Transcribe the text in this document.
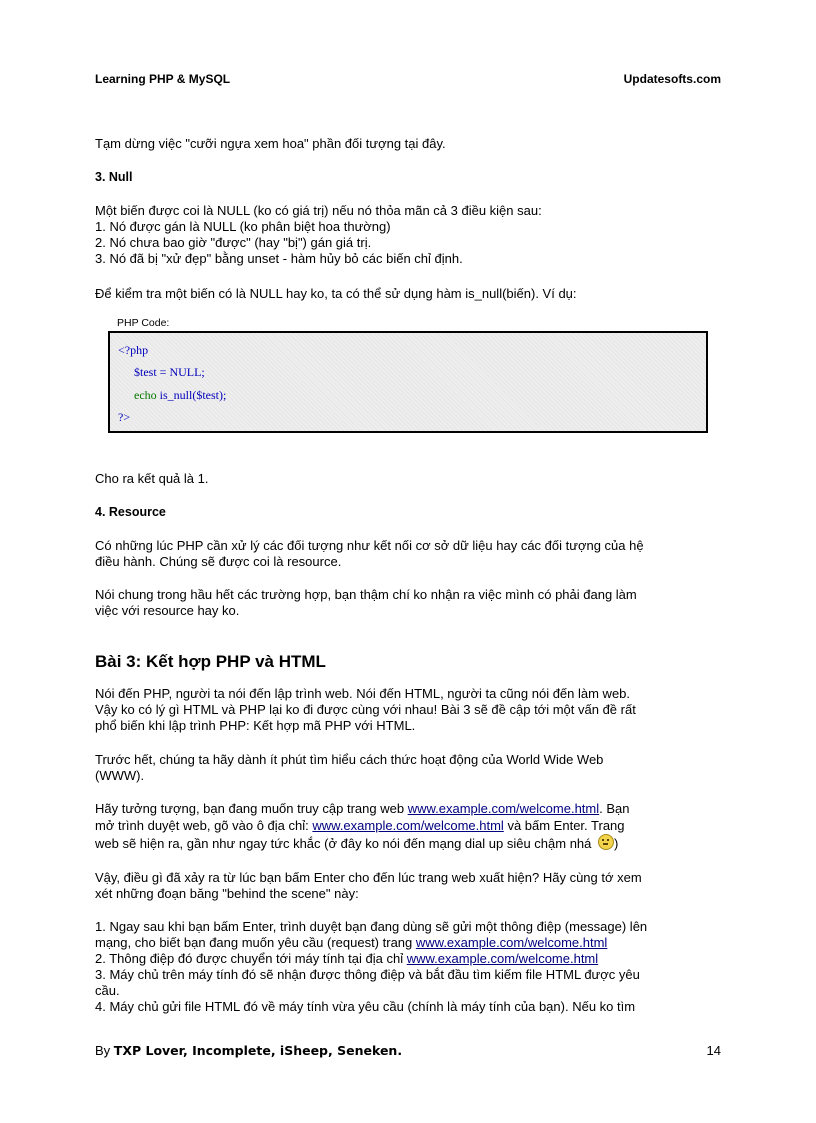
Learning PHP & MySQL	Updatesofts.com
Tạm dừng việc "cưỡi ngựa xem hoa" phần đối tượng tại đây.
3. Null
Một biến được coi là NULL (ko có giá trị) nếu nó thỏa mãn cả 3 điều kiện sau:
1. Nó được gán là NULL (ko phân biệt hoa thường)
2. Nó chưa bao giờ "được" (hay "bị") gán giá trị.
3. Nó đã bị "xử đẹp" bằng unset - hàm hủy bỏ các biến chỉ định.
Để kiểm tra một biến có là NULL hay ko, ta có thể sử dụng hàm is_null(biến). Ví dụ:
PHP Code:
<?php
$test = NULL;
echo is_null($test);
?>
Cho ra kết quả là 1.
4. Resource
Có những lúc PHP cần xử lý các đối tượng như kết nối cơ sở dữ liệu hay các đối tượng của hệ
điều hành. Chúng sẽ được coi là resource.
Nói chung trong hầu hết các trường hợp, bạn thậm chí ko nhận ra việc mình có phải đang làm
việc với resource hay ko.
Bài 3: Kết hợp PHP và HTML
Nói đến PHP, người ta nói đến lập trình web. Nói đến HTML, người ta cũng nói đến làm web.
Vậy ko có lý gì HTML và PHP lại ko đi được cùng với nhau! Bài 3 sẽ đề cập tới một vấn đề rất
phổ biến khi lập trình PHP: Kết hợp mã PHP với HTML.
Trước hết, chúng ta hãy dành ít phút tìm hiểu cách thức hoạt động của World Wide Web
(WWW).
Hãy tưởng tượng, bạn đang muốn truy cập trang web www.example.com/welcome.html. Bạn
mở trình duyệt web, gõ vào ô địa chỉ: www.example.com/welcome.html và bấm Enter. Trang
web sẽ hiện ra, gần như ngay tức khắc (ở đây ko nói đến mạng dial up siêu chậm nhá )
Vậy, điều gì đã xảy ra từ lúc bạn bấm Enter cho đến lúc trang web xuất hiện? Hãy cùng tớ xem
xét những đoạn băng "behind the scene" này:
1. Ngay sau khi bạn bấm Enter, trình duyệt bạn đang dùng sẽ gửi một thông điệp (message) lên
mạng, cho biết bạn đang muốn yêu cầu (request) trang www.example.com/welcome.html
2. Thông điệp đó được chuyển tới máy tính tại địa chỉ www.example.com/welcome.html
3. Máy chủ trên máy tính đó sẽ nhận được thông điệp và bắt đầu tìm kiếm file HTML được yêu
cầu.
4. Máy chủ gửi file HTML đó về máy tính vừa yêu cầu (chính là máy tính của bạn). Nếu ko tìm
By TXP Lover, Incomplete, iSheep, Seneken.	14
